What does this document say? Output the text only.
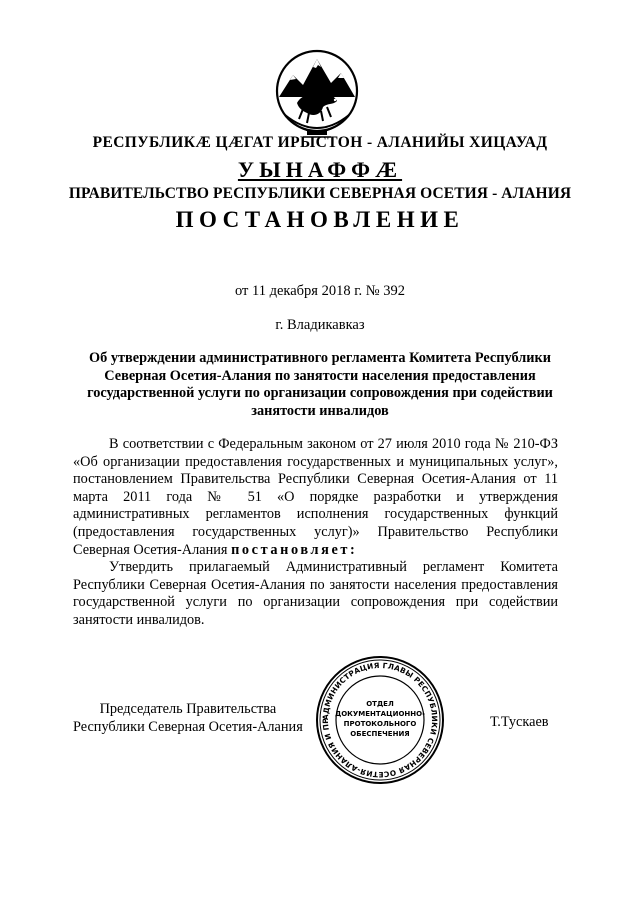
РЕСПУБЛИКÆ ЦÆГАТ ИРЫСТОН - АЛАНИЙЫ ХИЦАУАД
УЫНАФФÆ
ПРАВИТЕЛЬСТВО РЕСПУБЛИКИ СЕВЕРНАЯ ОСЕТИЯ - АЛАНИЯ
ПОСТАНОВЛЕНИЕ
от 11 декабря 2018 г. № 392
г. Владикавказ
Об утверждении административного регламента Комитета Республики Северная Осетия-Алания по занятости населения предоставления государственной услуги по организации сопровождения при содействии занятости инвалидов

В соответствии с Федеральным законом от 27 июля 2010 года № 210-ФЗ «Об организации предоставления государственных и муниципальных услуг», постановлением Правительства Республики Северная Осетия-Алания от 11 марта 2011 года № 51 «О порядке разработки и утверждения административных регламентов исполнения государственных функций (предоставления государственных услуг)» Правительство Республики Северная Осетия-Алания постановляет:

Утвердить прилагаемый Административный регламент Комитета Республики Северная Осетия-Алания по занятости населения предоставления государственной услуги по организации сопровождения при содействии занятости инвалидов.

Председатель Правительства
Республики Северная Осетия-Алания
АДМИНИСТРАЦИЯ ГЛАВЫ РЕСПУБЛИКИ СЕВЕРНАЯ ОСЕТИЯ-АЛАНИЯ И ПР
ОТДЕЛ
ДОКУМЕНТАЦИОННО-
ПРОТОКОЛЬНОГО
ОБЕСПЕЧЕНИЯ
Т.Тускаев
